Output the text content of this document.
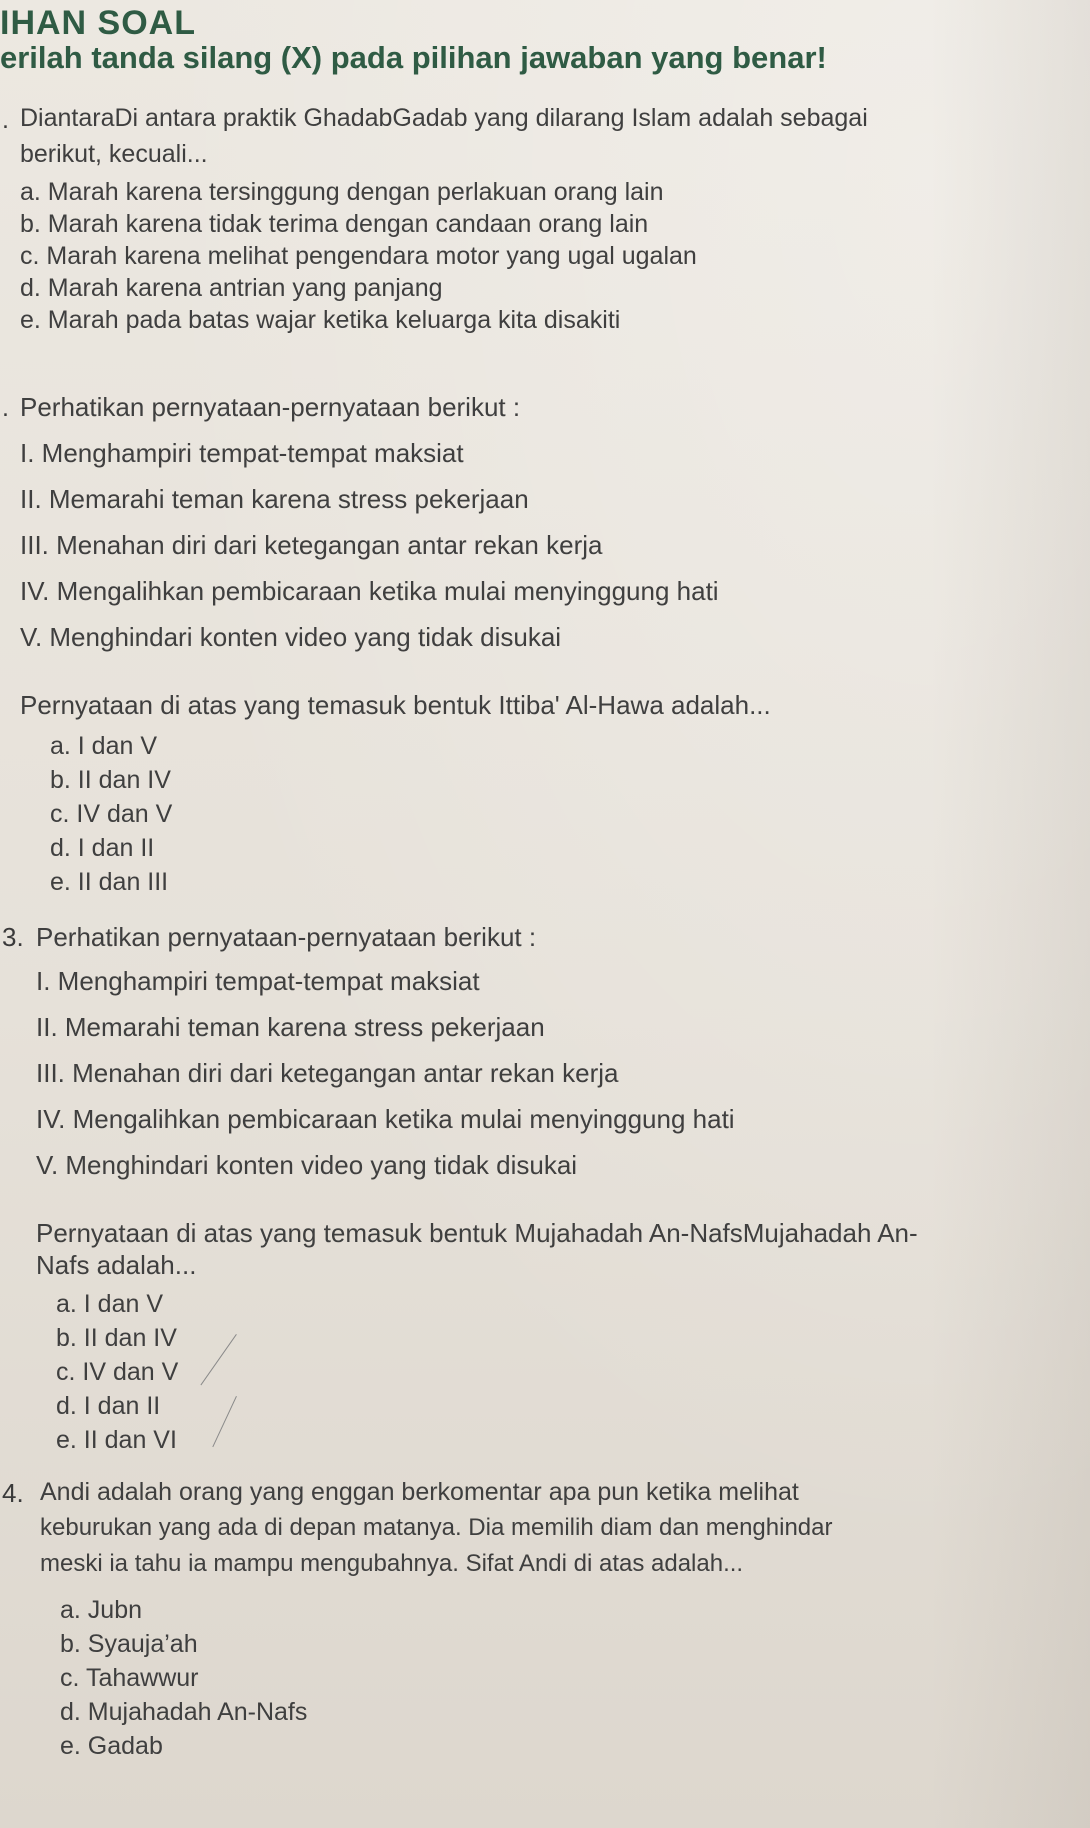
IHAN SOAL
erilah tanda silang (X) pada pilihan jawaban yang benar!
. DiantaraDi antara praktik GhadabGadab yang dilarang Islam adalah sebagai
berikut, kecuali...
a. Marah karena tersinggung dengan perlakuan orang lain
b. Marah karena tidak terima dengan candaan orang lain
c. Marah karena melihat pengendara motor yang ugal ugalan
d. Marah karena antrian yang panjang
e. Marah pada batas wajar ketika keluarga kita disakiti
. Perhatikan pernyataan-pernyataan berikut :
I. Menghampiri tempat-tempat maksiat
II. Memarahi teman karena stress pekerjaan
III. Menahan diri dari ketegangan antar rekan kerja
IV. Mengalihkan pembicaraan ketika mulai menyinggung hati
V. Menghindari konten video yang tidak disukai
Pernyataan di atas yang temasuk bentuk Ittiba' Al-Hawa adalah...
a. I dan V
b. II dan IV
c. IV dan V
d. I dan II
e. II dan III
3. Perhatikan pernyataan-pernyataan berikut :
I. Menghampiri tempat-tempat maksiat
II. Memarahi teman karena stress pekerjaan
III. Menahan diri dari ketegangan antar rekan kerja
IV. Mengalihkan pembicaraan ketika mulai menyinggung hati
V. Menghindari konten video yang tidak disukai
Pernyataan di atas yang temasuk bentuk Mujahadah An-NafsMujahadah An-
Nafs adalah...
a. I dan V
b. II dan IV
c. IV dan V
d. I dan II
e. II dan VI
4. Andi adalah orang yang enggan berkomentar apa pun ketika melihat
keburukan yang ada di depan matanya. Dia memilih diam dan menghindar
meski ia tahu ia mampu mengubahnya. Sifat Andi di atas adalah...
a. Jubn
b. Syauja’ah
c. Tahawwur
d. Mujahadah An-Nafs
e. Gadab
